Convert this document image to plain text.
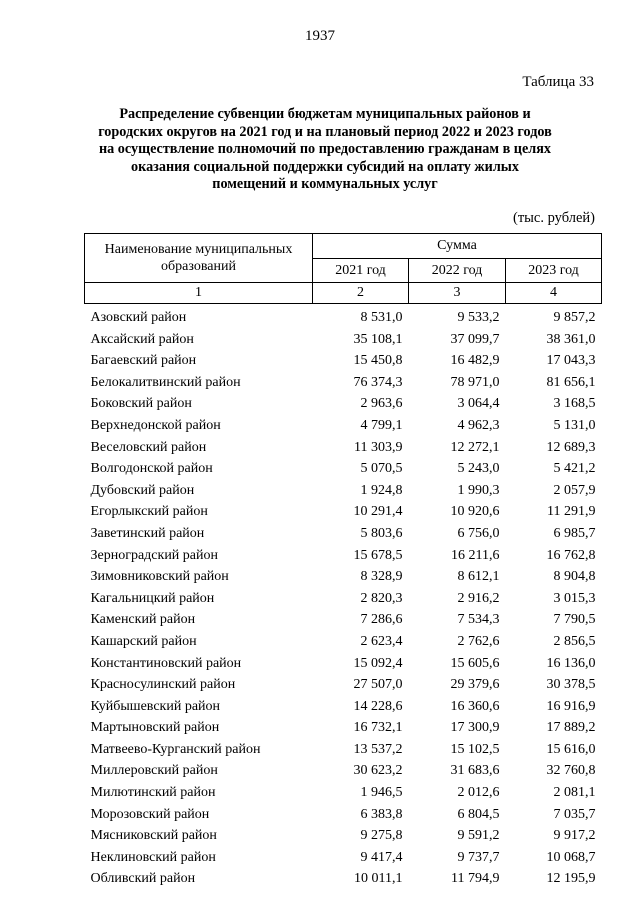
1937
Таблица 33
Распределение субвенции бюджетам муниципальных районов и
городских округов на 2021 год и на плановый период 2022 и 2023 годов
на осуществление полномочий по предоставлению гражданам в целях
оказания социальной поддержки субсидий на оплату жилых
помещений и коммунальных услуг
(тыс. рублей)
Наименование муниципальных
образований	Сумма		
	2021 год	2022 год	2023 год
1	2	3	4
Азовский район	8 531,0	9 533,2	9 857,2
Аксайский район	35 108,1	37 099,7	38 361,0
Багаевский район	15 450,8	16 482,9	17 043,3
Белокалитвинский район	76 374,3	78 971,0	81 656,1
Боковский район	2 963,6	3 064,4	3 168,5
Верхнедонской район	4 799,1	4 962,3	5 131,0
Веселовский район	11 303,9	12 272,1	12 689,3
Волгодонской район	5 070,5	5 243,0	5 421,2
Дубовский район	1 924,8	1 990,3	2 057,9
Егорлыкский район	10 291,4	10 920,6	11 291,9
Заветинский район	5 803,6	6 756,0	6 985,7
Зерноградский район	15 678,5	16 211,6	16 762,8
Зимовниковский район	8 328,9	8 612,1	8 904,8
Кагальницкий район	2 820,3	2 916,2	3 015,3
Каменский район	7 286,6	7 534,3	7 790,5
Кашарский район	2 623,4	2 762,6	2 856,5
Константиновский район	15 092,4	15 605,6	16 136,0
Красносулинский район	27 507,0	29 379,6	30 378,5
Куйбышевский район	14 228,6	16 360,6	16 916,9
Мартыновский район	16 732,1	17 300,9	17 889,2
Матвеево-Курганский район	13 537,2	15 102,5	15 616,0
Миллеровский район	30 623,2	31 683,6	32 760,8
Милютинский район	1 946,5	2 012,6	2 081,1
Морозовский район	6 383,8	6 804,5	7 035,7
Мясниковский район	9 275,8	9 591,2	9 917,2
Неклиновский район	9 417,4	9 737,7	10 068,7
Обливский район	10 011,1	11 794,9	12 195,9
